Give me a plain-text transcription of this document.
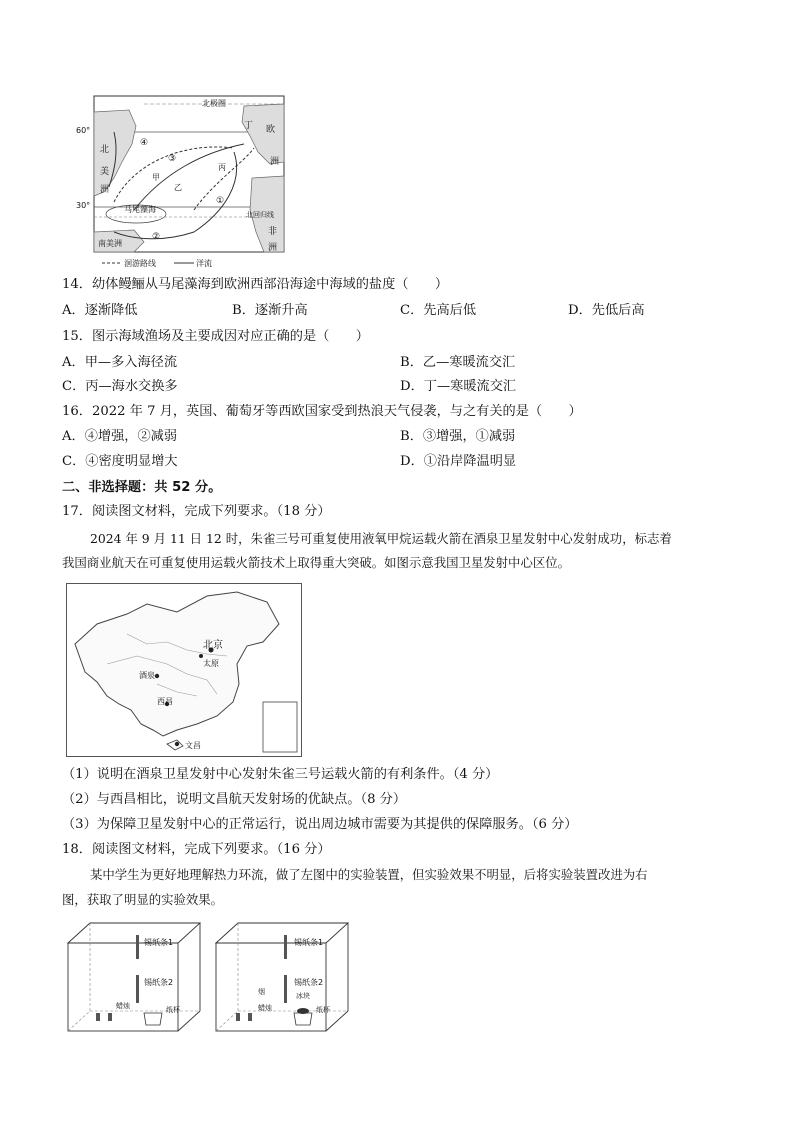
北极圈
60°
30°
北
美
洲
丁 欧
洲
非
洲
马尾藻海
北回归线
南美洲
甲
乙
丙
①
②
③
④
洄游路线	洋流
14．幼体鳗鲡从马尾藻海到欧洲西部沿海途中海域的盐度（　　）
A．逐渐降低	B．逐渐升高	C．先高后低	D．先低后高
15．图示海域渔场及主要成因对应正确的是（　　）
A．甲—多入海径流	B．乙—寒暖流交汇
C．丙—海水交换多	D．丁—寒暖流交汇
16．2022 年 7 月，英国、葡萄牙等西欧国家受到热浪天气侵袭，与之有关的是（　　）
A．④增强，②减弱	B．③增强，①减弱
C．④密度明显增大	D．①沿岸降温明显
二、非选择题：共 52 分。
17．阅读图文材料，完成下列要求。（18 分）
2024 年 9 月 11 日 12 时，朱雀三号可重复使用液氧甲烷运载火箭在酒泉卫星发射中心发射成功，标志着
我国商业航天在可重复使用运载火箭技术上取得重大突破。如图示意我国卫星发射中心区位。
北京
酒泉
太原
西昌
文昌
（1）说明在酒泉卫星发射中心发射朱雀三号运载火箭的有利条件。（4 分）
（2）与西昌相比，说明文昌航天发射场的优缺点。（8 分）
（3）为保障卫星发射中心的正常运行，说出周边城市需要为其提供的保障服务。（6 分）
18．阅读图文材料，完成下列要求。（16 分）
某中学生为更好地理解热力环流，做了左图中的实验装置，但实验效果不明显，后将实验装置改进为右
图，获取了明显的实验效果。
锡纸条1
锡纸条2
蜡烛	纸杯
锡纸条1
锡纸条2
烟	冰块
蜡烛	纸杯
